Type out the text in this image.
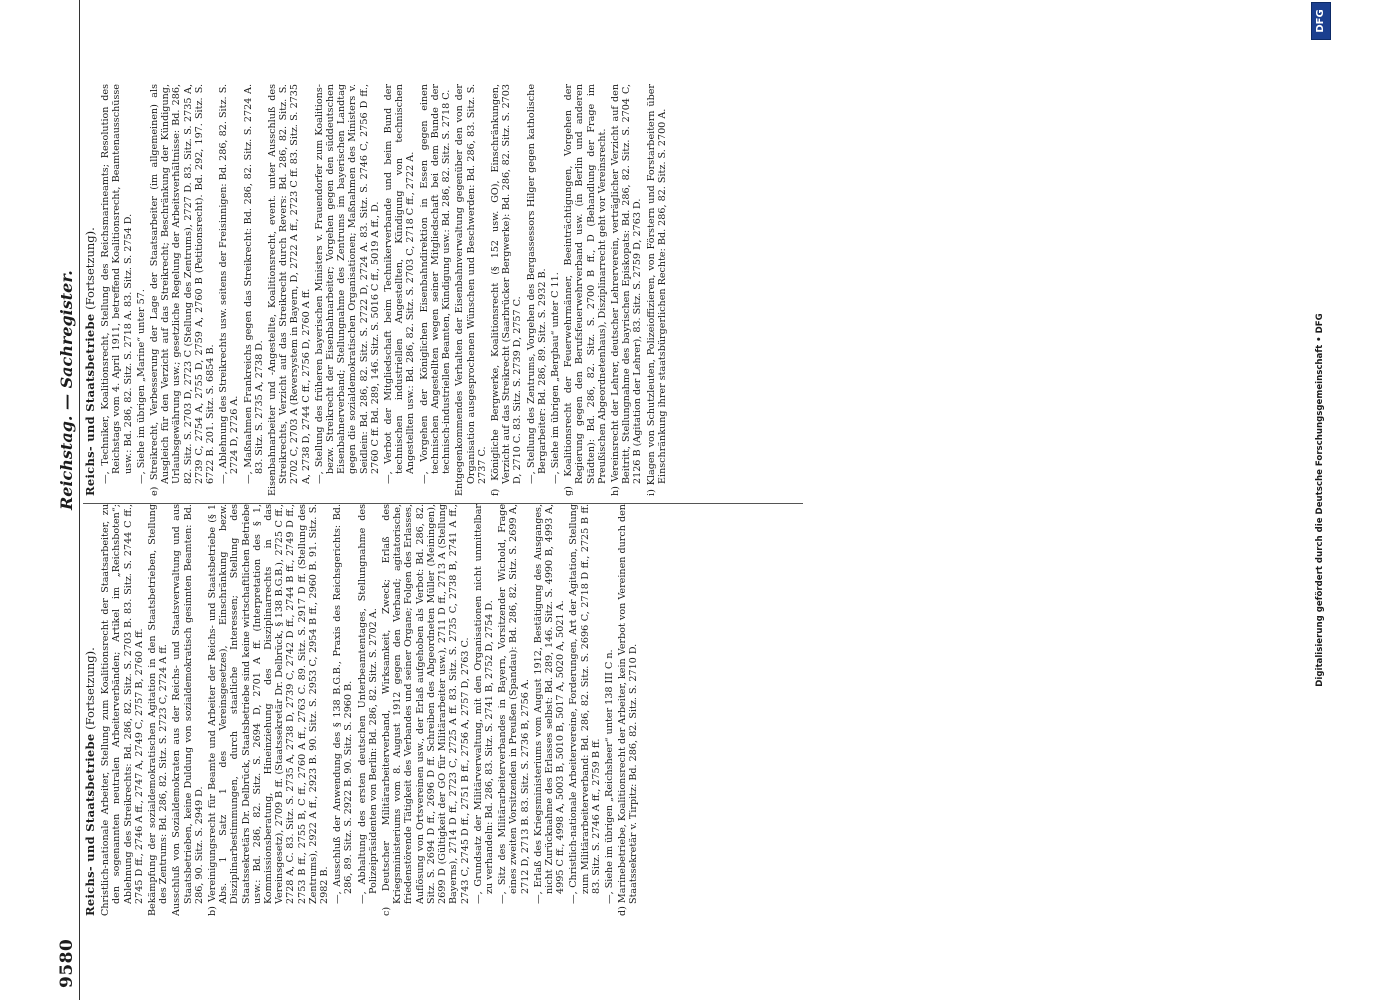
9580
Reichstag. — Sachregister.
Reichs- und Staatsbetriebe (Fortsetzung). Christlich-nationale Arbeiter, Stellung zum Koalitionsrecht der Staatsarbeiter, zu den sogenannten neutralen Arbeiterverbänden; Artikel im „Reichsboten“; Ablehnung des Streikrechts: Bd. 286, 82. Sitz. S. 2703 B. 83. Sitz. S. 2744 C ff., 2745 D ff., 2746 A ff., 2747 A, 2749 C, 2757 B, 2760 A ff. Bekämpfung der sozialdemokratischen Agitation in den Staatsbetrieben, Stellung des Zentrums: Bd. 286, 82. Sitz. S. 2723 C, 2724 A ff. Ausschluß von Sozialdemokraten aus der Reichs- und Staatsverwaltung und aus Staatsbetrieben, keine Duldung von sozialdemokratisch gesinnten Beamten: Bd. 286, 90. Sitz. S. 2949 D. b) Vereinigungsrecht für Beamte und Arbeiter der Reichs- und Staatsbetriebe (§ 1 Abs. 1 Satz 1 des Vereinsgesetzes), Einschränkung bezw. Disziplinarbestimmungen, durch staatliche Interessen; Stellung des Staatssekretärs Dr. Delbrück, Staatsbetriebe sind keine wirtschaftlichen Betriebe usw.: Bd. 286, 82. Sitz. S. 2694 D, 2701 A ff. (Interpretation des § 1, Kommissionsberatung, Hineinziehung des Disziplinarrechts in das Vereinsgesetz), 2709 B ff. (Staatssekretär Dr. Delbrück, § 138 B.G.B.), 2725 C ff., 2728 A, C. 83. Sitz. S. 2735 A, 2738 D, 2739 C, 2742 D ff., 2744 B ff., 2749 D ff., 2753 B ff., 2755 B, C ff., 2760 A ff., 2763 C. 89. Sitz. S. 2917 D ff. (Stellung des Zentrums), 2922 A ff., 2923 B. 90. Sitz. S. 2953 C, 2954 B ff., 2960 B. 91. Sitz. S. 2982 B. —, Ausschluß der Anwendung des § 138 B.G.B., Praxis des Reichsgerichts: Bd. 286, 89. Sitz. S. 2922 B. 90. Sitz. S. 2960 B. —, Abhaltung des ersten deutschen Unterbeamtentages, Stellungnahme des Polizeipräsidenten von Berlin: Bd. 286, 82. Sitz. S. 2702 A. c) Deutscher Militärarbeiterverband, Wirksamkeit, Zweck; Erlaß des Kriegsministeriums vom 8. August 1912 gegen den Verband; agitatorische, friedenstörende Tätigkeit des Verbandes und seiner Organe; Folgen des Erlasses, Auflösung von Ortsvereinen usw., der Erlaß aufgehoben als Verbot: Bd. 286, 82. Sitz. S. 2694 D ff., 2696 D ff. Schreiben des Abgeordneten Müller (Meiningen), 2699 D (Gültigkeit der GO für Militärarbeiter usw.), 2711 D ff., 2713 A (Stellung Bayerns), 2714 D ff., 2723 C, 2725 A ff. 83. Sitz. S. 2735 C, 2738 B, 2741 A ff., 2743 C, 2745 D ff., 2751 B ff., 2756 A, 2757 D, 2763 C. —, Grundsatz der Militärverwaltung, mit den Organisationen nicht unmittelbar zu verhandeln: Bd. 286, 83. Sitz. S. 2741 B, 2752 D, 2754 D. —, Sitz des Militärarbeiterverbandes in Bayern, Vorsitzender Wichold, Frage eines zweiten Vorsitzenden in Preußen (Spandau): Bd. 286, 82. Sitz. S. 2699 A, 2712 D, 2713 B. 83. Sitz. S. 2736 B, 2756 A. —, Erlaß des Kriegsministeriums vom August 1912, Bestätigung des Ausganges, nicht Zurücknahme des Erlasses selbst: Bd. 289, 146. Sitz. S. 4990 B, 4993 A, 4995 C ff., 4998 A, 5003 B, 5010 B, 5017 A, 5020 A, 5021 A. —, Christlich-nationale Arbeitervereine, Forderungen, Art der Agitation, Stellung zum Militärarbeiterverband: Bd. 286, 82. Sitz. S. 2696 C, 2718 D ff., 2725 B ff. 83. Sitz. S. 2746 A ff., 2759 B ff. —, Siehe im übrigen „Reichsheer“ unter 138 III C n. d) Marinebetriebe, Koalitionsrecht der Arbeiter, kein Verbot von Vereinen durch den Staatssekretär v. Tirpitz: Bd. 286, 82. Sitz. S. 2710 D.

Reichs- und Staatsbetriebe (Fortsetzung). —, Techniker, Koalitionsrecht, Stellung des Reichsmarineamts; Resolution des Reichstags vom 4. April 1911, betreffend Koalitionsrecht, Beamtenausschüsse usw.: Bd. 286, 82. Sitz. S. 2718 A. 83. Sitz. S. 2754 D. —, Siehe im übrigen „Marine“ unter 57. e) Streikrecht, Verbesserung der Lage der Staatsarbeiter (im allgemeinen) als Ausgleich für den Verzicht auf das Streikrecht; Beschränkung der Kündigung, Urlaubsgewährung usw.; gesetzliche Regelung der Arbeitsverhältnisse: Bd. 286, 82. Sitz. S. 2703 D, 2723 C (Stellung des Zentrums), 2727 D. 83. Sitz. S. 2735 A, 2739 C, 2754 A, 2755 D, 2759 A, 2760 B (Petitionsrecht). Bd. 292, 197. Sitz. S. 6722 B. 201. Sitz. S. 6854 B. —, Ablehnung des Streikrechts usw. seitens der Freisinnigen: Bd. 286, 82. Sitz. S. 2724 D, 2726 A. —, Maßnahmen Frankreichs gegen das Streikrecht: Bd. 286, 82. Sitz. S. 2724 A. 83. Sitz. S. 2735 A, 2738 D. Eisenbahnarbeiter und -Angestellte, Koalitionsrecht, event. unter Ausschluß des Streikrechts, Verzicht auf das Streikrecht durch Revers: Bd. 286, 82. Sitz. S. 2702 C, 2703 A (Reversystem in Bayern, D, 2722 A ff., 2723 C ff. 83. Sitz. S. 2735 A, 2738 D, 2744 C ff., 2756 D, 2760 A ff. —, Stellung des früheren bayerischen Ministers v. Frauendorfer zum Koalitions- bezw. Streikrecht der Eisenbahnarbeiter; Vorgehen gegen den süddeutschen Eisenbahnerverband; Stellungnahme des Zentrums im bayerischen Landtag gegen die sozialdemokratischen Organisationen; Maßnahmen des Ministers v. Seidlein: Bd. 286, 82. Sitz. S. 2722 D, 2724 A. 83. Sitz. S. 2746 C, 2756 D ff., 2760 C ff. Bd. 289, 146. Sitz. S. 5016 C ff., 5019 A ff., D. —, Verbot der Mitgliedschaft beim Technikerverbande und beim Bund der technischen industriellen Angestellten, Kündigung von technischen Angestellten usw.: Bd. 286, 82. Sitz. S. 2703 C, 2718 C ff., 2722 A. —, Vorgehen der Königlichen Eisenbahndirektion in Essen gegen einen technischen Angestellten wegen seiner Mitgliedschaft bei dem Bunde der technisch-industriellen Beamten, Kündigung usw.: Bd. 286, 82. Sitz. S. 2718 C. Entgegenkommendes Verhalten der Eisenbahnverwaltung gegenüber den von der Organisation ausgesprochenen Wünschen und Beschwerden: Bd. 286, 83. Sitz. S. 2737 C. f) Königliche Bergwerke, Koalitionsrecht (§ 152 usw. GO), Einschränkungen, Verzicht auf das Streikrecht (Saarbrücker Bergwerke): Bd. 286, 82. Sitz. S. 2703 D, 2710 C. 83. Sitz. S. 2739 D, 2757 C. —, Stellung des Zentrums, Vorgehen des Bergassessors Hilger gegen katholische Bergarbeiter: Bd. 286, 89. Sitz. S. 2932 B. —, Siehe im übrigen „Bergbau“ unter C 11. g) Koalitionsrecht der Feuerwehrmänner, Beeinträchtigungen, Vorgehen der Regierung gegen den Berufsfeuerwehrverband usw. (in Berlin und anderen Städten): Bd. 286, 82. Sitz. S. 2700 B ff., D (Behandlung der Frage im Preußischen Abgeordnetenhaus), Disziplinarrecht geht vor Vereinsrecht. h) Vereinsrecht der Lehrer, deutscher Lehrerverein, verträglicher Verzicht auf den Beitritt, Stellungnahme des bayrischen Episkopats: Bd. 286, 82. Sitz. S. 2704 C, 2126 B (Agitation der Lehrer), 83. Sitz. S. 2759 D, 2763 D. i) Klagen von Schutzleuten, Polizeioffizieren, von Förstern und Forstarbeitern über Einschränkung ihrer staatsbürgerlichen Rechte: Bd. 286, 82. Sitz. S. 2700 A.

Digitalisierung gefördert durch die Deutsche Forschungsgemeinschaft • DFG
DFG
